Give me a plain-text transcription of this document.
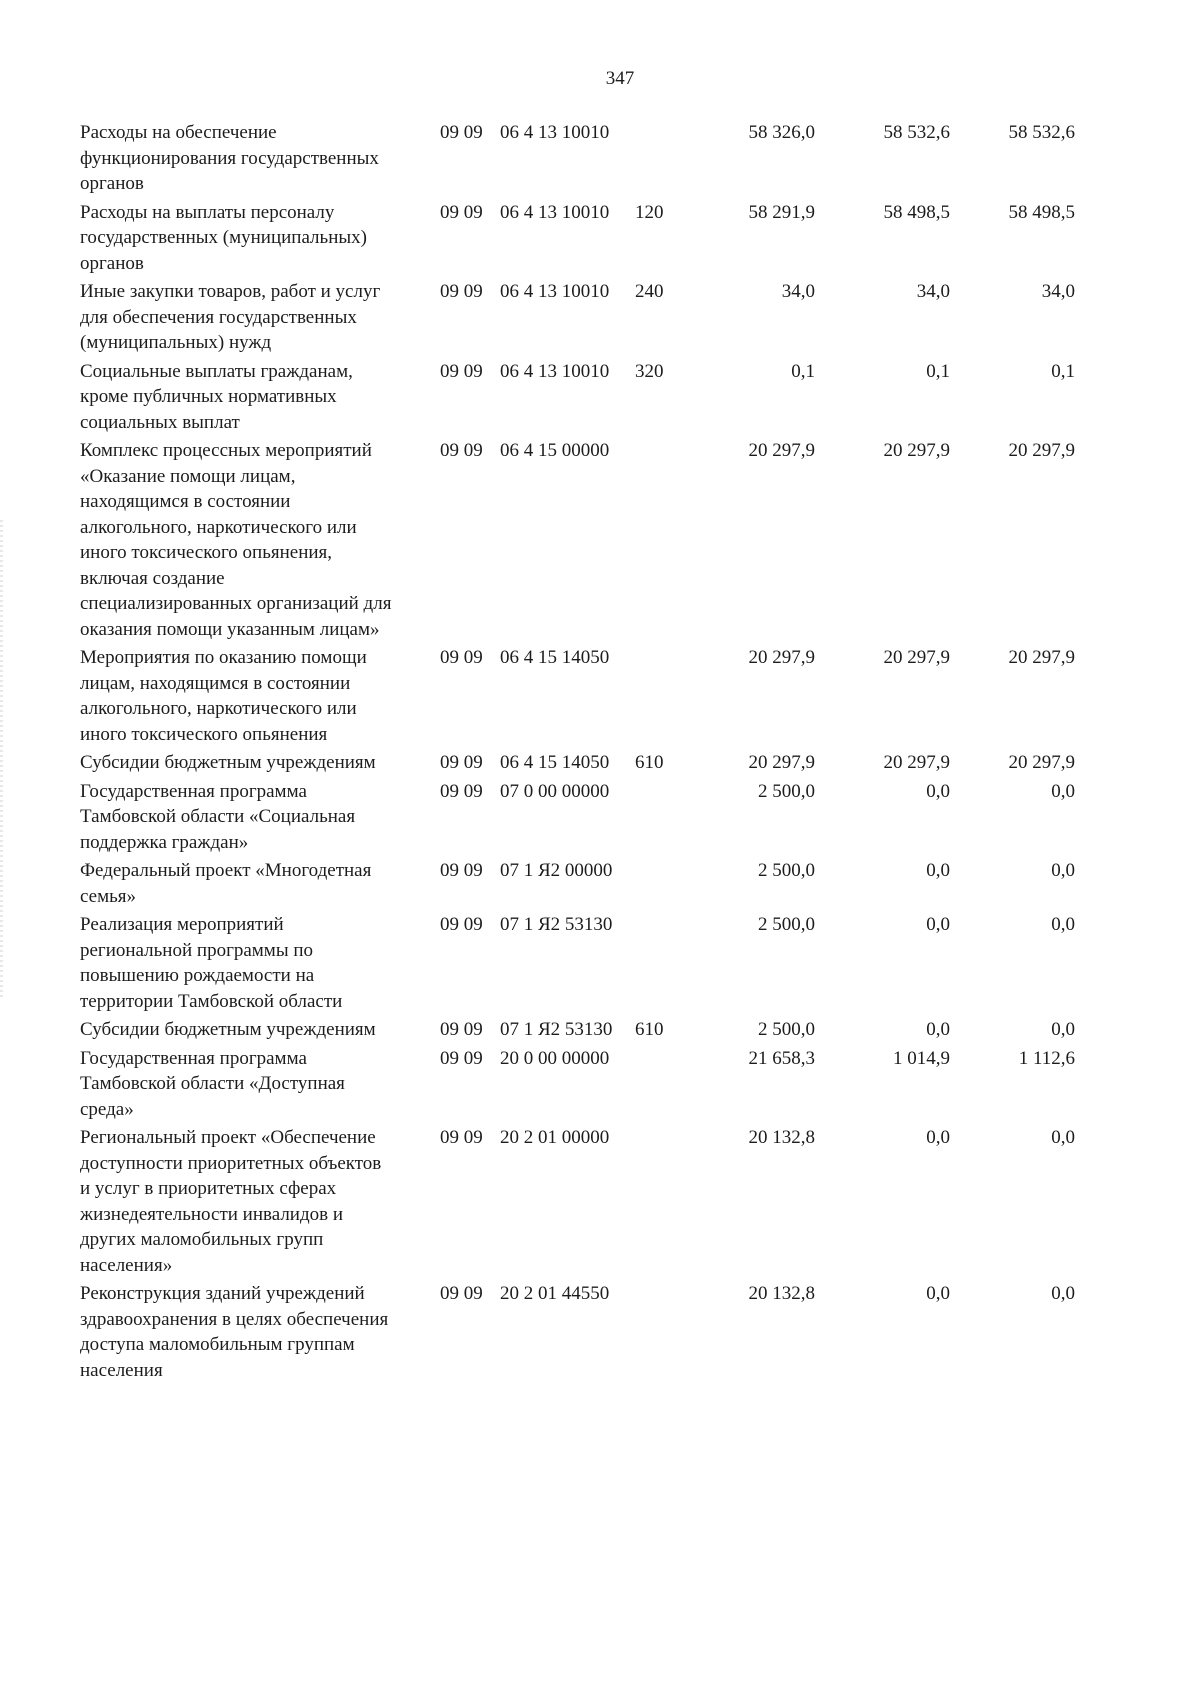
347
Расходы на обеспечение
функционирования государственных
органов
09 09 06 4 13 10010	58 326,0	58 532,6	58 532,6
Расходы на выплаты персоналу
государственных (муниципальных)
органов
09 09 06 4 13 10010	120	58 291,9	58 498,5	58 498,5
Иные закупки товаров, работ и услуг
для обеспечения государственных
(муниципальных) нужд
09 09 06 4 13 10010	240	34,0	34,0	34,0
Социальные выплаты гражданам,
кроме публичных нормативных
социальных выплат
09 09 06 4 13 10010	320	0,1	0,1	0,1
Комплекс процессных мероприятий
«Оказание помощи лицам,
находящимся в состоянии
алкогольного, наркотического или
иного токсического опьянения,
включая создание
специализированных организаций для
оказания помощи указанным лицам»
09 09 06 4 15 00000	20 297,9	20 297,9	20 297,9
Мероприятия по оказанию помощи
лицам, находящимся в состоянии
алкогольного, наркотического или
иного токсического опьянения
09 09 06 4 15 14050	20 297,9	20 297,9	20 297,9
Субсидии бюджетным учреждениям	09 09 06 4 15 14050	610	20 297,9	20 297,9	20 297,9
Государственная программа
Тамбовской области «Социальная
поддержка граждан»
09 09 07 0 00 00000	2 500,0	0,0	0,0
Федеральный проект «Многодетная
семья»
09 09 07 1 Я2 00000	2 500,0	0,0	0,0
Реализация мероприятий
региональной программы по
повышению рождаемости на
территории Тамбовской области
09 09 07 1 Я2 53130	2 500,0	0,0	0,0
Субсидии бюджетным учреждениям	09 09 07 1 Я2 53130	610	2 500,0	0,0	0,0
Государственная программа
Тамбовской области «Доступная
среда»
09 09 20 0 00 00000	21 658,3	1 014,9	1 112,6
Региональный проект «Обеспечение
доступности приоритетных объектов
и услуг в приоритетных сферах
жизнедеятельности инвалидов и
других маломобильных групп
населения»
09 09 20 2 01 00000	20 132,8	0,0	0,0
Реконструкция зданий учреждений
здравоохранения в целях обеспечения
доступа маломобильным группам
населения
09 09 20 2 01 44550	20 132,8	0,0	0,0
